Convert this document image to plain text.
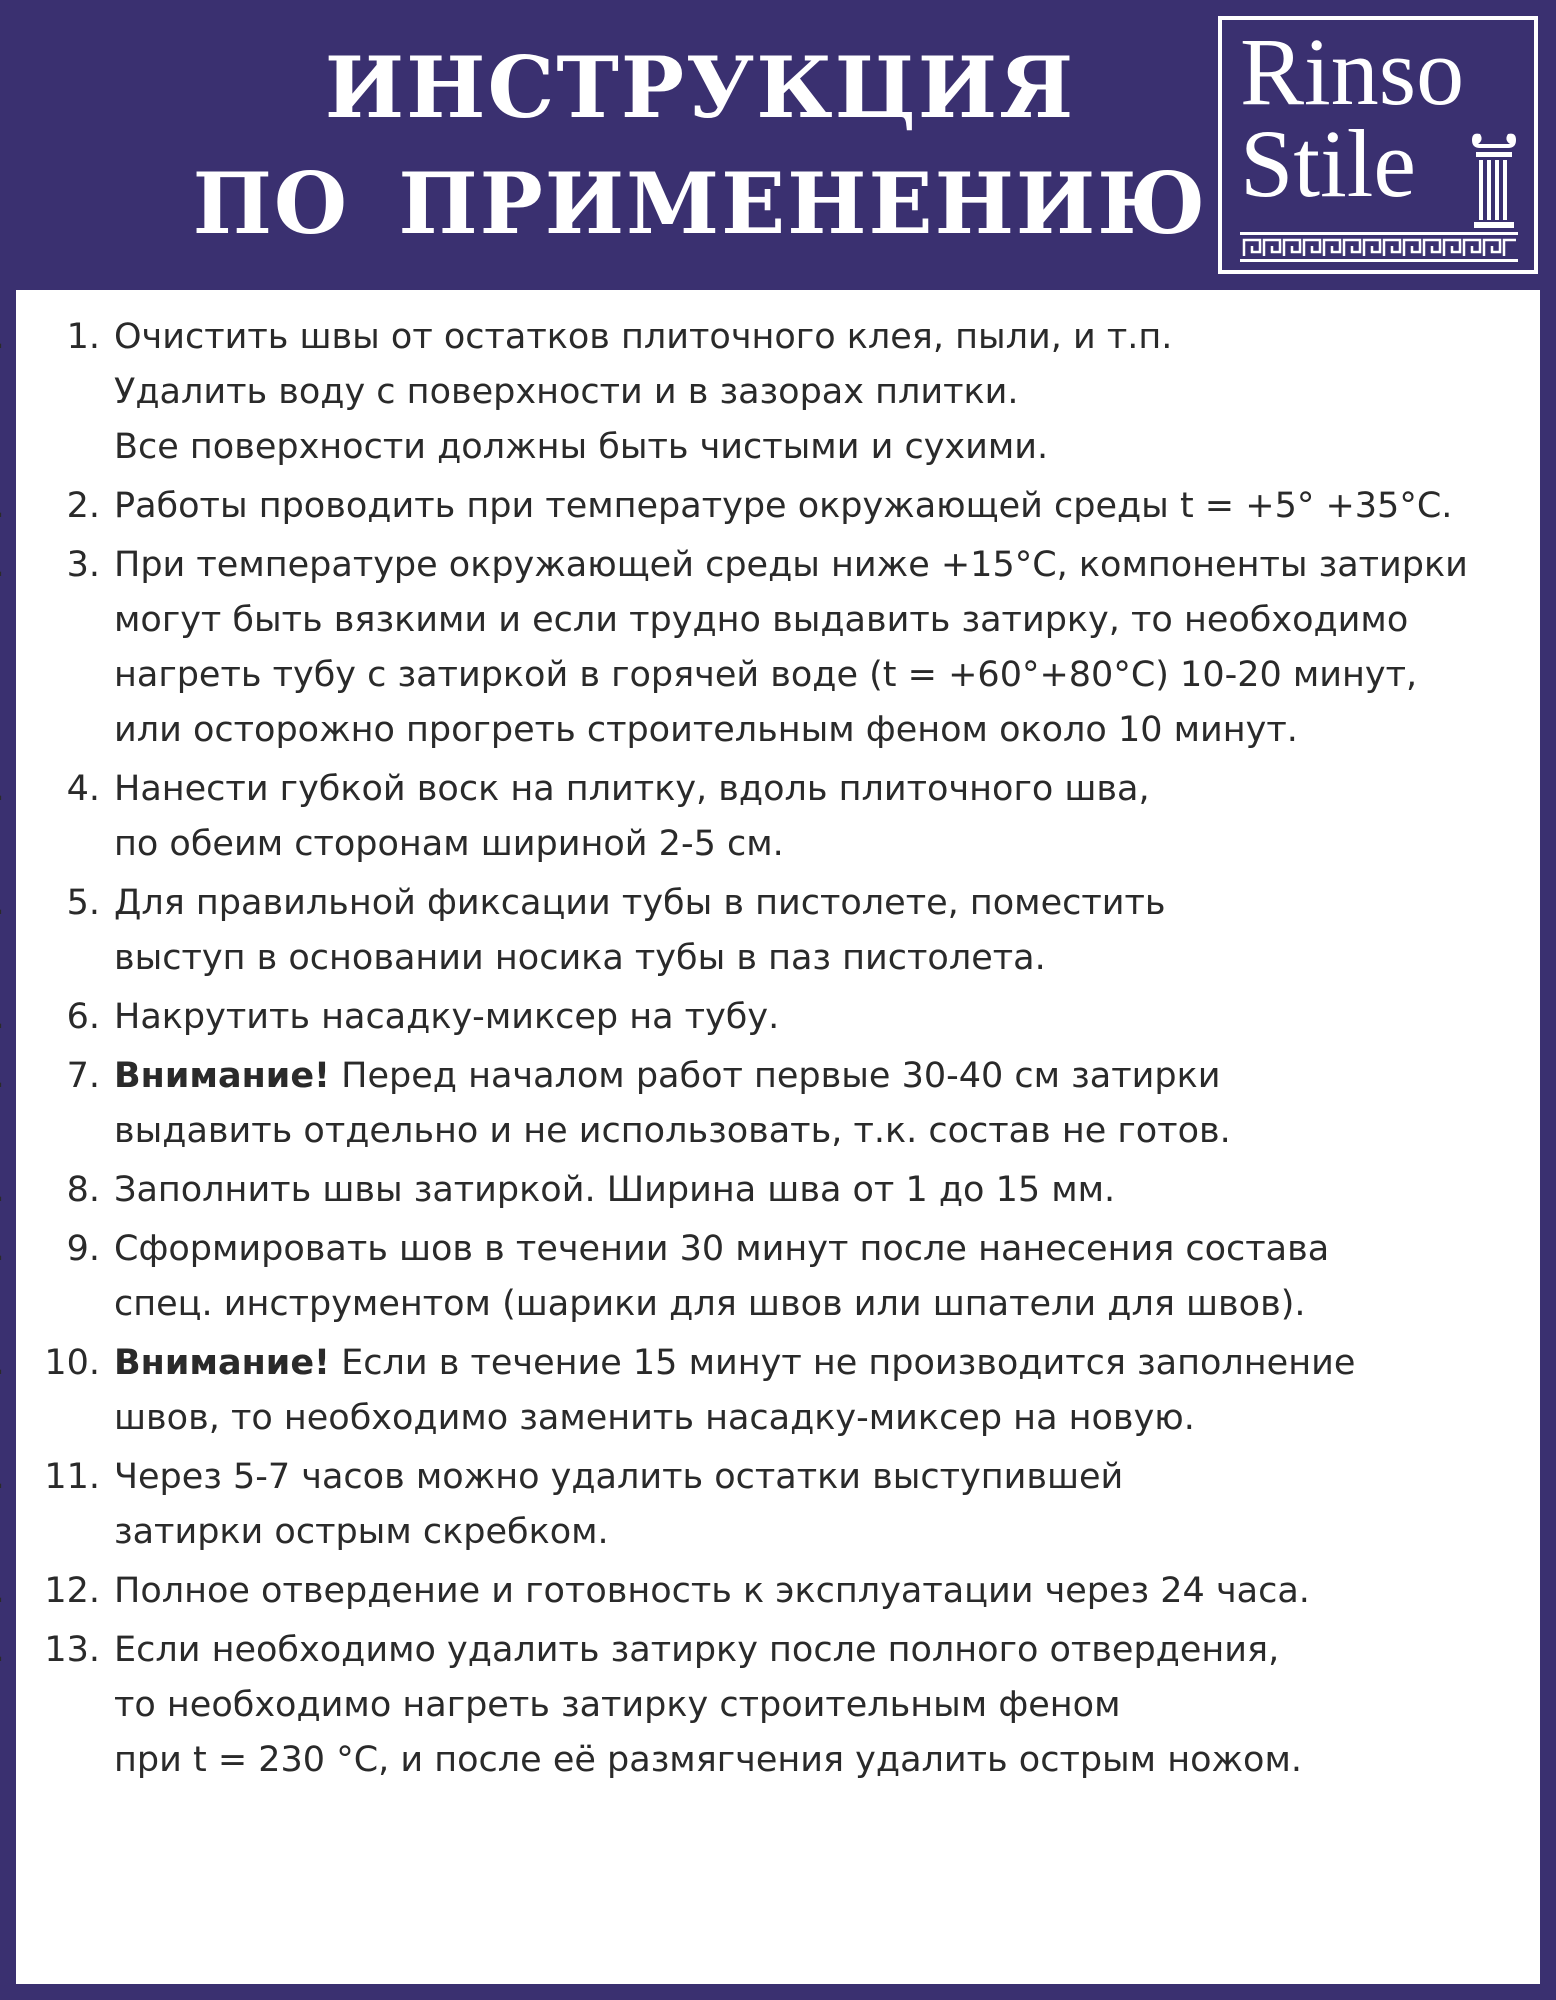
ИНСТРУКЦИЯ
ПО ПРИМЕНЕНИЮ
Rinso
Stile
1. 1. Очистить швы от остатков плиточного клея, пыли, и т.п.
Удалить воду с поверхности и в зазорах плитки.
Все поверхности должны быть чистыми и сухими.
2. 2. Работы проводить при температуре окружающей среды t = +5° +35°С.
3. 3. При температуре окружающей среды ниже +15°С, компоненты затирки
могут быть вязкими и если трудно выдавить затирку, то необходимо
нагреть тубу с затиркой в горячей воде (t = +60°+80°С) 10-20 минут,
или осторожно прогреть строительным феном около 10 минут.
4. 4. Нанести губкой воск на плитку, вдоль плиточного шва,
по обеим сторонам шириной 2-5 см.
5. 5. Для правильной фиксации тубы в пистолете, поместить
выступ в основании носика тубы в паз пистолета.
6. 6. Накрутить насадку-миксер на тубу.
7. 7. Внимание! Перед началом работ первые 30-40 см затирки
выдавить отдельно и не использовать, т.к. состав не готов.
8. 8. Заполнить швы затиркой. Ширина шва от 1 до 15 мм.
9. 9. Сформировать шов в течении 30 минут после нанесения состава
спец. инструментом (шарики для швов или шпатели для швов).
10. 10. Внимание! Если в течение 15 минут не производится заполнение
швов, то необходимо заменить насадку-миксер на новую.
11. 11. Через 5-7 часов можно удалить остатки выступившей
затирки острым скребком.
12. 12. Полное отвердение и готовность к эксплуатации через 24 часа.
13. 13. Если необходимо удалить затирку после полного отвердения,
то необходимо нагреть затирку строительным феном
при t = 230 °С, и после её размягчения удалить острым ножом.
